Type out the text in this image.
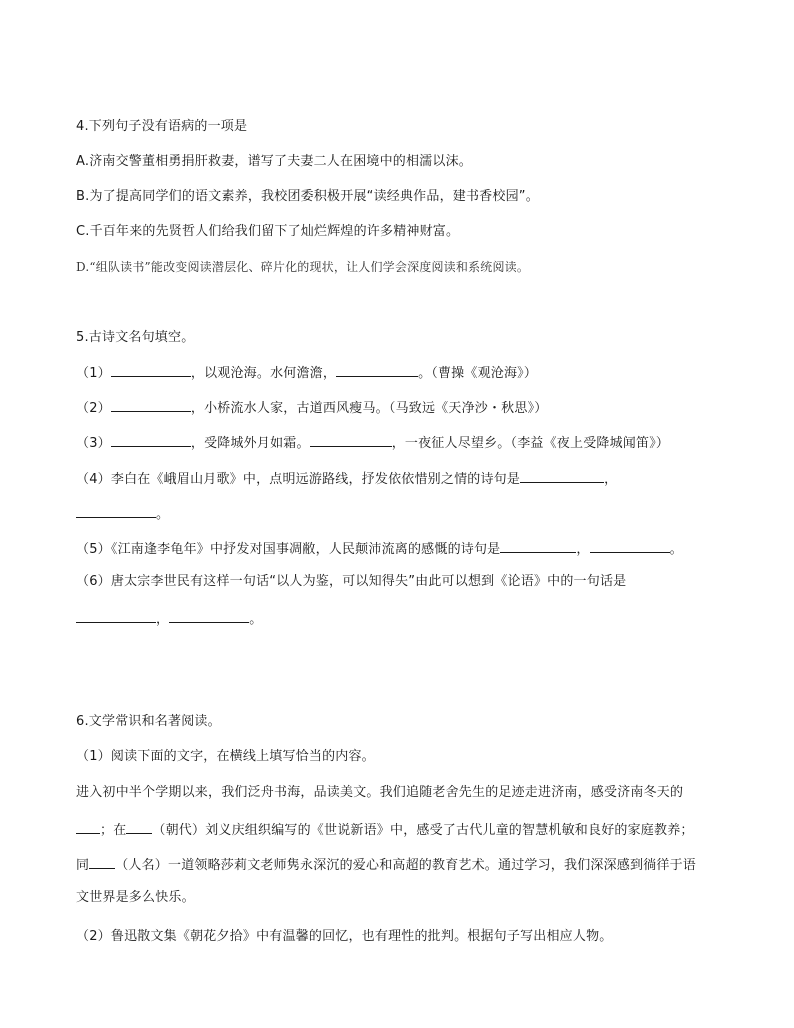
4.下列句子没有语病的一项是
A.济南交警董相勇捐肝救妻，谱写了夫妻二人在困境中的相濡以沫。
B.为了提高同学们的语文素养，我校团委积极开展“读经典作品，建书香校园”。
C.千百年来的先贤哲人们给我们留下了灿烂辉煌的许多精神财富。
D.“组队读书”能改变阅读潜层化、碎片化的现状，让人们学会深度阅读和系统阅读。
5.古诗文名句填空。
（1）	，以观沧海。水何澹澹，	。（曹操《观沧海》）
（2）	，小桥流水人家，古道西风瘦马。（马致远《天净沙・秋思》）
（3）	，受降城外月如霜。	，一夜征人尽望乡。（李益《夜上受降城闻笛》）
（4）李白在《峨眉山月歌》中，点明远游路线，抒发依依惜别之情的诗句是	，
。
（5）《江南逢李龟年》中抒发对国事凋敝，人民颠沛流离的感慨的诗句是	，	。
（6）唐太宗李世民有这样一句话“以人为鉴，可以知得失”由此可以想到《论语》中的一句话是
，	。
6.文学常识和名著阅读。
（1）阅读下面的文字，在横线上填写恰当的内容。
进入初中半个学期以来，我们泛舟书海，品读美文。我们追随老舍先生的足迹走进济南，感受济南冬天的
；在 （朝代）刘义庆组织编写的《世说新语》中，感受了古代儿童的智慧机敏和良好的家庭教养；
同 （人名）一道领略莎莉文老师隽永深沉的爱心和高超的教育艺术。通过学习，我们深深感到徜徉于语
文世界是多么快乐。
（2）鲁迅散文集《朝花夕拾》中有温馨的回忆，也有理性的批判。根据句子写出相应人物。
